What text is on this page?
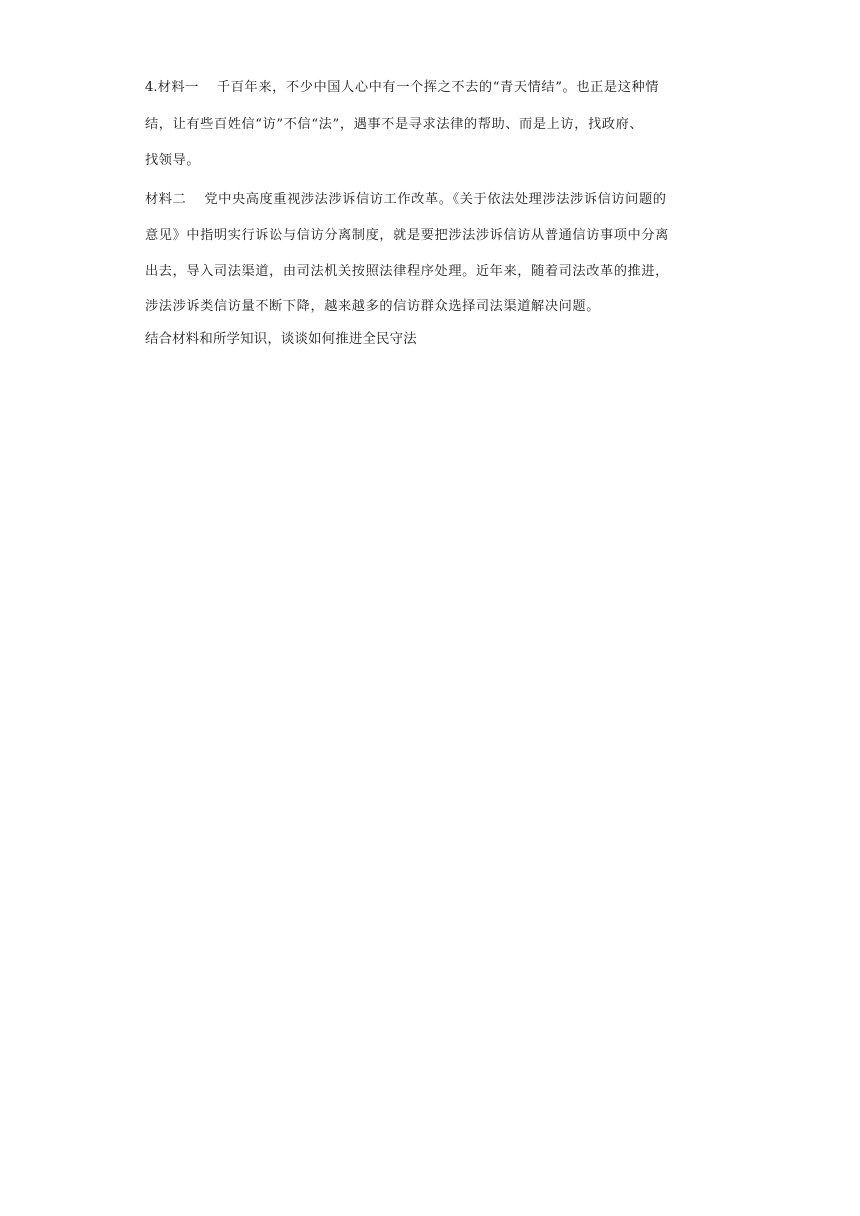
4.材料一 千百年来，不少中国人心中有一个挥之不去的“青天情结”。也正是这种情
结，让有些百姓信“访”不信“法”，遇事不是寻求法律的帮助、而是上访，找政府、
找领导。
材料二 党中央高度重视涉法涉诉信访工作改革。《关于依法处理涉法涉诉信访问题的
意见》中指明实行诉讼与信访分离制度，就是要把涉法涉诉信访从普通信访事项中分离
出去，导入司法渠道，由司法机关按照法律程序处理。近年来，随着司法改革的推进，
涉法涉诉类信访量不断下降，越来越多的信访群众选择司法渠道解决问题。
结合材料和所学知识，谈谈如何推进全民守法
